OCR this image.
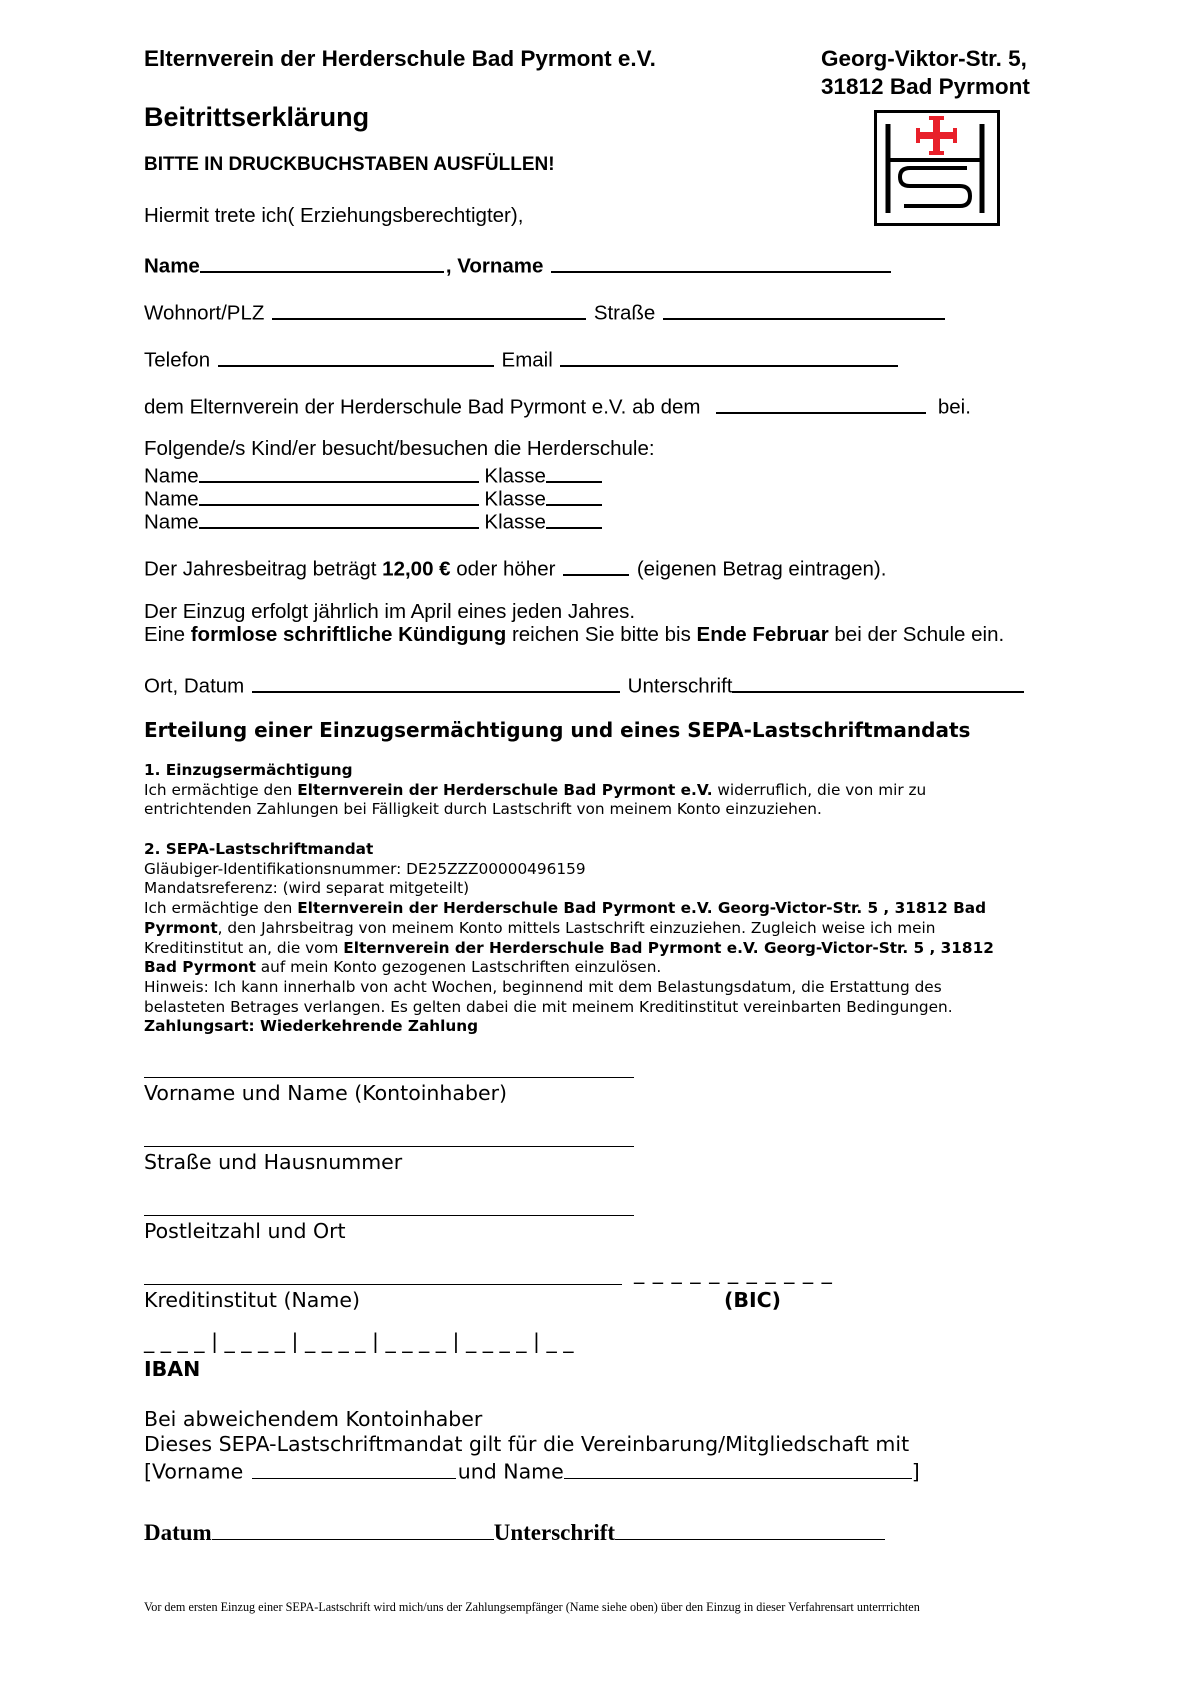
Elternverein der Herderschule Bad Pyrmont e.V.	Georg-Viktor-Str. 5,
31812 Bad Pyrmont
Beitrittserklärung
BITTE IN DRUCKBUCHSTABEN AUSFÜLLEN!
Hiermit trete ich( Erziehungsberechtigter),
Name	, Vorname
Wohnort/PLZ	Straße
Telefon	Email
dem Elternverein der Herderschule Bad Pyrmont e.V. ab dem	bei.
Folgende/s Kind/er besucht/besuchen die Herderschule:
Name	Klasse
Name	Klasse
Name	Klasse
Der Jahresbeitrag beträgt 12,00 € oder höher	(eigenen Betrag eintragen).
Der Einzug erfolgt jährlich im April eines jeden Jahres.
Eine formlose schriftliche Kündigung reichen Sie bitte bis Ende Februar bei der Schule ein.
Ort, Datum	Unterschrift
Erteilung einer Einzugsermächtigung und eines SEPA-Lastschriftmandats
1. Einzugsermächtigung
Ich ermächtige den Elternverein der Herderschule Bad Pyrmont e.V. widerruflich, die von mir zu
entrichtenden Zahlungen bei Fälligkeit durch Lastschrift von meinem Konto einzuziehen.
2. SEPA-Lastschriftmandat
Gläubiger-Identifikationsnummer: DE25ZZZ00000496159
Mandatsreferenz: (wird separat mitgeteilt)
Ich ermächtige den Elternverein der Herderschule Bad Pyrmont e.V. Georg-Victor-Str. 5 , 31812 Bad
Pyrmont, den Jahrsbeitrag von meinem Konto mittels Lastschrift einzuziehen. Zugleich weise ich mein
Kreditinstitut an, die vom Elternverein der Herderschule Bad Pyrmont e.V. Georg-Victor-Str. 5 , 31812
Bad Pyrmont auf mein Konto gezogenen Lastschriften einzulösen.
Hinweis: Ich kann innerhalb von acht Wochen, beginnend mit dem Belastungsdatum, die Erstattung des
belasteten Betrages verlangen. Es gelten dabei die mit meinem Kreditinstitut vereinbarten Bedingungen.
Zahlungsart: Wiederkehrende Zahlung
Vorname und Name (Kontoinhaber)
Straße und Hausnummer
Postleitzahl und Ort
_ _ _ _ _ _ _ _ _ _ _
Kreditinstitut (Name)	(BIC)
_ _ _ _ | _ _ _ _ | _ _ _ _ | _ _ _ _ | _ _ _ _ | _ _
IBAN
Bei abweichendem Kontoinhaber
Dieses SEPA-Lastschriftmandat gilt für die Vereinbarung/Mitgliedschaft mit
[Vorname	und Name	]
Datum	Unterschrift
Vor dem ersten Einzug einer SEPA-Lastschrift wird mich/uns der Zahlungsempfänger (Name siehe oben) über den Einzug in dieser Verfahrensart unterrrichten
